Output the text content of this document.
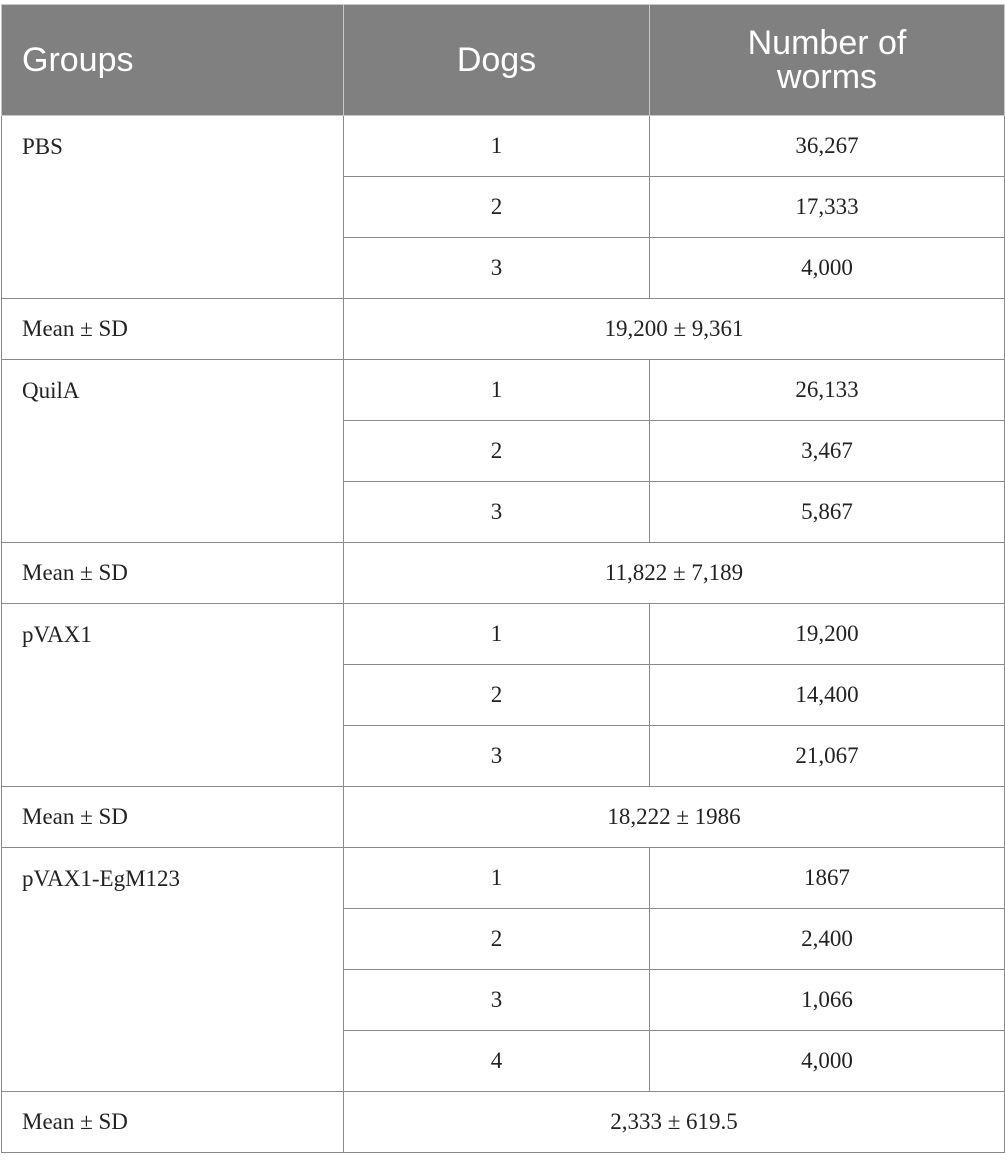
Groups	Dogs	Number of
worms

PBS	1	36,267
	2	17,333
	3	4,000
Mean ± SD	19,200 ± 9,361	
QuilA	1	26,133
	2	3,467
	3	5,867
Mean ± SD	11,822 ± 7,189	
pVAX1	1	19,200
	2	14,400
	3	21,067
Mean ± SD	18,222 ± 1986	
pVAX1-EgM123	1	1867
	2	2,400
	3	1,066
	4	4,000
Mean ± SD	2,333 ± 619.5	
